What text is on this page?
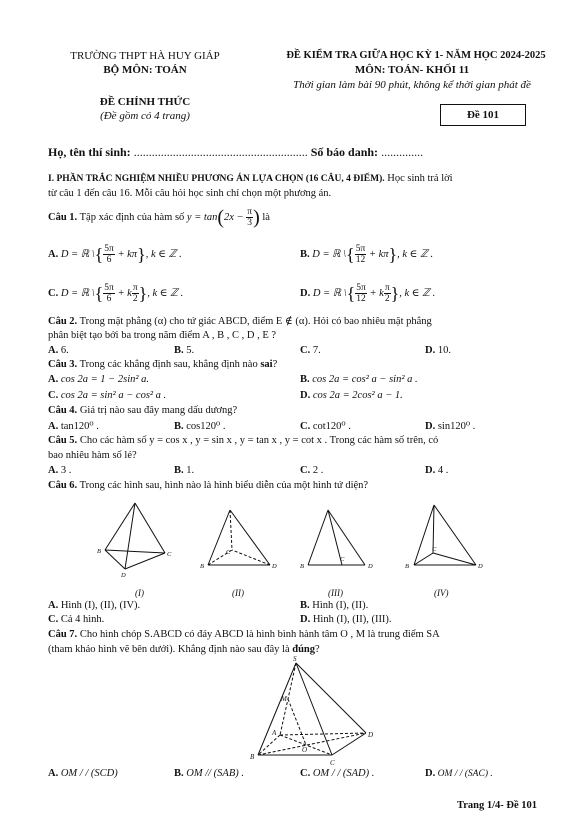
TRƯỜNG THPT HÀ HUY GIÁP
BỘ MÔN: TOÁN
ĐỀ CHÍNH THỨC
(Đề gồm có 4 trang)
ĐỀ KIỂM TRA GIỮA HỌC KỲ 1- NĂM HỌC 2024-2025
MÔN: TOÁN- KHỐI 11
Thời gian làm bài 90 phút, không kể thời gian phát đề
Đề 101
Họ, tên thí sinh: .......................................................... Số báo danh: ..............
I. PHẦN TRẮC NGHIỆM NHIỀU PHƯƠNG ÁN LỰA CHỌN (16 CÂU, 4 ĐIỂM). Học sinh trả lời
từ câu 1 đến câu 16. Mỗi câu hỏi học sinh chỉ chọn một phương án.
Câu 1. Tập xác định của hàm số $y = \tan(2x - \frac{\pi}{3}$ ) là
A. D = ℝ \{ $\frac{5\pi}{6} + k\pi$}, k ∈ ℤ .	B. D = ℝ \{ $\frac{5\pi}{12} + k\pi$}, k ∈ ℤ .
C. D = ℝ \{ $\frac{5\pi}{6} + k \frac{\pi}{2}$ }, k ∈ ℤ .	D. D = ℝ \{ $\frac{5\pi}{12} + k \frac{\pi}{2}$ }, k ∈ ℤ .
Câu 2. Trong mặt phẳng (α) cho tứ giác ABCD, điểm E ∉ (α). Hỏi có bao nhiêu mặt phẳng
phân biệt tạo bởi ba trong năm điểm A , B , C , D , E ?
A. 6.	B. 5.	C. 7.	D. 10.
Câu 3. Trong các khẳng định sau, khẳng định nào sai?
A. cos 2a = 1 − 2sin² a.	B. cos 2a = cos² a − sin² a .
C. cos 2a = sin² a − cos² a .	D. cos 2a = 2cos² a − 1.
Câu 4. Giá trị nào sau đây mang dấu dương?
A. tan120⁰ .	B. cos120⁰ .	C. cot120⁰ .	D. sin120⁰ .
Câu 5. Cho các hàm số y = cos x , y = sin x , y = tan x , y = cot x . Trong các hàm số trên, có
bao nhiêu hàm số lẻ?
A. 3 .	B. 1.	C. 2 .	D. 4 .
Câu 6. Trong các hình sau, hình nào là hình biểu diễn của một hình tứ diện?
B	C
D
B
C
D	B
C
D	B
C
D
(I)	(II)	(III)	(IV)
A. Hình (I), (II), (IV).	B. Hình (I), (II).
C. Cả 4 hình.	D. Hình (I), (II), (III).
Câu 7. Cho hình chóp S.ABCD có đáy ABCD là hình bình hành tâm O , M là trung điểm SA
(tham khảo hình vẽ bên dưới). Khẳng định nào sau đây là đúng?
S
M
A
B
O
C
D
A. OM / / (SCD)	B. OM // (SAB) .	C. OM / / (SAD) .	D. OM / / (SAC) .
Trang 1/4- Đề 101
